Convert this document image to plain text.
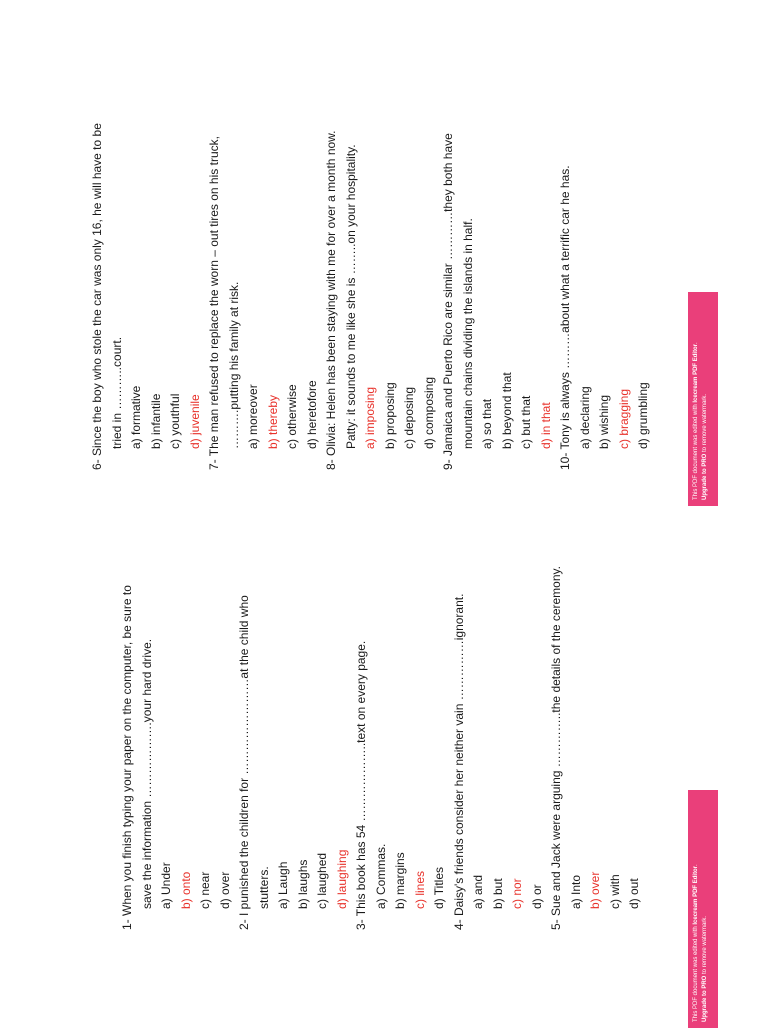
1- When you finish typing your paper on the computer, be sure to save the information ……………….your hard drive. a) Under b) onto c) near d) over 2- I punished the children for ……………………at the child who stutters. a) Laugh b) laughs c) laughed d) laughing 3- This book has 54 ………………..text on every page. a) Commas. b) margins c) lines d) Titles 4- Daisy's friends consider her neither vain ……………ignorant. a) and b) but c) nor d) or 5- Sue and Jack were arguing …………..the details of the ceremony. a) Into b) over c) with d) out
6- Since the boy who stole the car was only 16, he will have to be tried in ………..court. a) formative b) infantile c) youthful d) juvenile 7- The man refused to replace the worn – out tires on his truck, ……….putting his family at risk. a) moreover b) thereby c) otherwise d) heretofore 8- Olivia: Helen has been staying with me for over a month now. Patty: it sounds to me like she is ……..on your hospitality. a) imposing b) proposing c) deposing d) composing 9- Jamaica and Puerto Rico are similar …………they both have mountain chains dividing the islands in half. a) so that b) beyond that c) but that d) in that 10- Tony is always ………about what a terrific car he has. a) declaring b) wishing c) bragging d) grumbling
This PDF document was edited with Icecream PDF Editor.
Upgrade to PRO to remove watermark.
This PDF document was edited with Icecream PDF Editor.
Upgrade to PRO to remove watermark.
